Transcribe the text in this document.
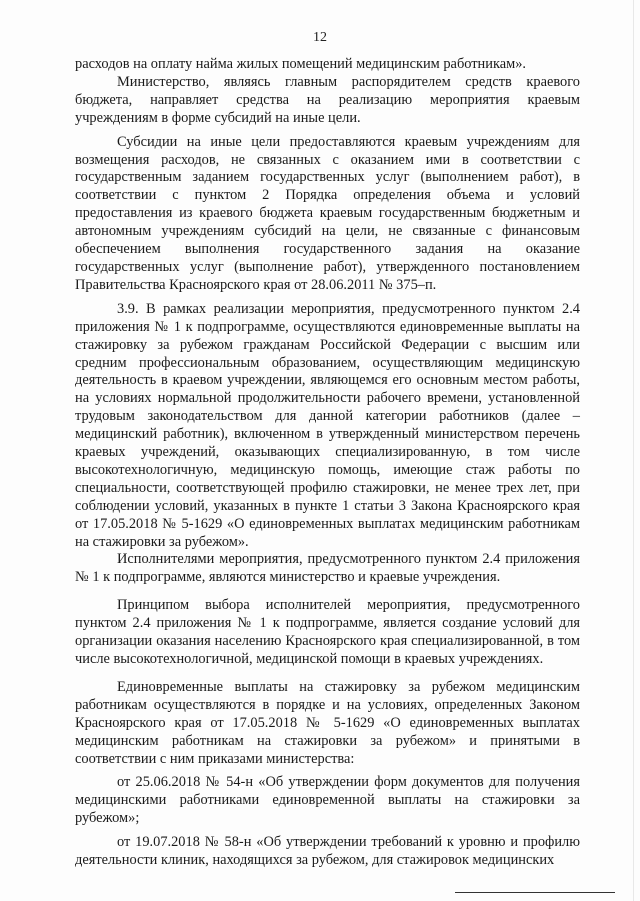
12

расходов на оплату найма жилых помещений медицинским работникам».

Министерство, являясь главным распорядителем средств краевого бюджета, направляет средства на реализацию мероприятия краевым учреждениям в форме субсидий на иные цели.

Субсидии на иные цели предоставляются краевым учреждениям для возмещения расходов, не связанных с оказанием ими в соответствии с государственным заданием государственных услуг (выполнением работ), в соответствии с пунктом 2 Порядка определения объема и условий предоставления из краевого бюджета краевым государственным бюджетным и автономным учреждениям субсидий на цели, не связанные с финансовым обеспечением выполнения государственного задания на оказание государственных услуг (выполнение работ), утвержденного постановлением Правительства Красноярского края от 28.06.2011 № 375–п.

3.9. В рамках реализации мероприятия, предусмотренного пунктом 2.4 приложения № 1 к подпрограмме, осуществляются единовременные выплаты на стажировку за рубежом гражданам Российской Федерации с высшим или средним профессиональным образованием, осуществляющим медицинскую деятельность в краевом учреждении, являющемся его основным местом работы, на условиях нормальной продолжительности рабочего времени, установленной трудовым законодательством для данной категории работников (далее – медицинский работник), включенном в утвержденный министерством перечень краевых учреждений, оказывающих специализированную, в том числе высокотехнологичную, медицинскую помощь, имеющие стаж работы по специальности, соответствующей профилю стажировки, не менее трех лет, при соблюдении условий, указанных в пункте 1 статьи 3 Закона Красноярского края от 17.05.2018 № 5-1629 «О единовременных выплатах медицинским работникам на стажировки за рубежом».

Исполнителями мероприятия, предусмотренного пунктом 2.4 приложения № 1 к подпрограмме, являются министерство и краевые учреждения.

Принципом выбора исполнителей мероприятия, предусмотренного пунктом 2.4 приложения № 1 к подпрограмме, является создание условий для организации оказания населению Красноярского края специализированной, в том числе высокотехнологичной, медицинской помощи в краевых учреждениях.

Единовременные выплаты на стажировку за рубежом медицинским работникам осуществляются в порядке и на условиях, определенных Законом Красноярского края от 17.05.2018 № 5-1629 «О единовременных выплатах медицинским работникам на стажировки за рубежом» и принятыми в соответствии с ним приказами министерства:

от 25.06.2018 № 54-н «Об утверждении форм документов для получения медицинскими работниками единовременной выплаты на стажировки за рубежом»;

от 19.07.2018 № 58-н «Об утверждении требований к уровню и профилю деятельности клиник, находящихся за рубежом, для стажировок медицинских
